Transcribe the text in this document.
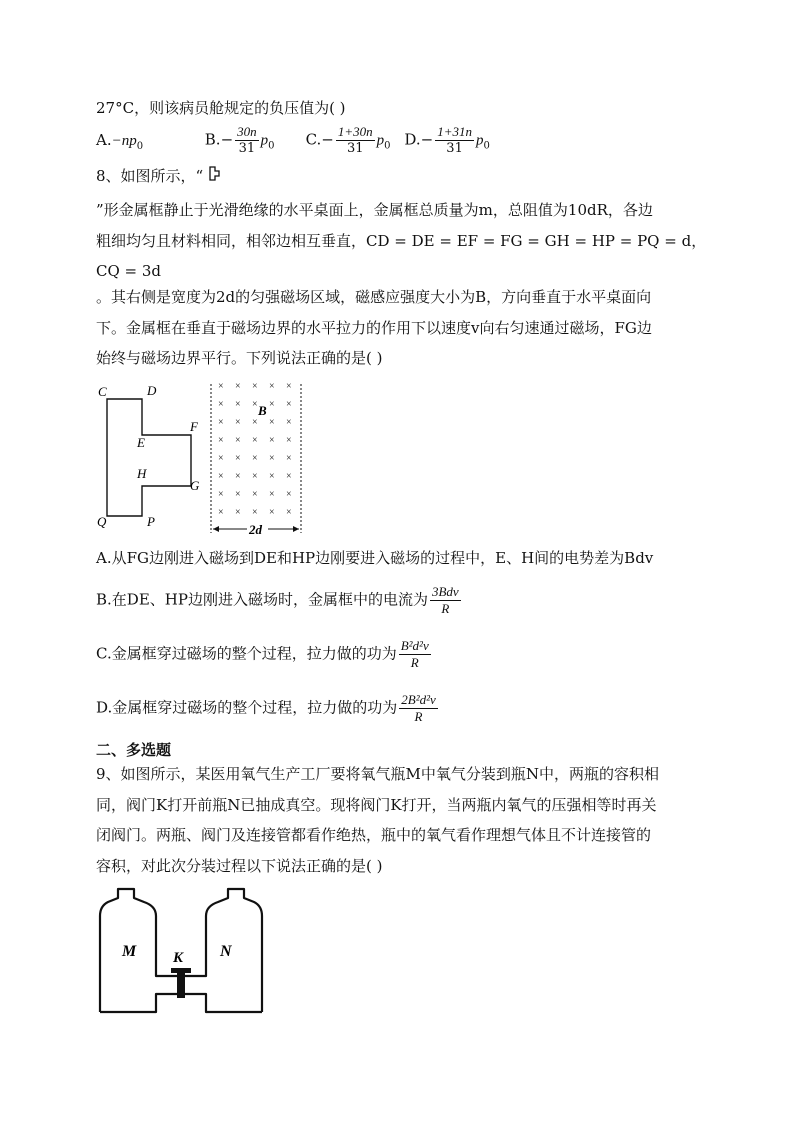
27°C，则该病员舱规定的负压值为( )
$A.-np_0$	$B.- \frac{30n}{31} p_0$ $C.- \frac{1+30n}{31} p_0$ $D.- \frac{1+31n}{31} p_0$
8、如图所示，“
”形金属框静止于光滑绝缘的水平桌面上，金属框总质量为m，总阻值为10dR，各边
粗细均匀且材料相同，相邻边相互垂直，CD = DE = EF = FG = GH = HP = PQ = d，
CQ = 3d
。其右侧是宽度为2d的匀强磁场区域，磁感应强度大小为B，方向垂直于水平桌面向
下。金属框在垂直于磁场边界的水平拉力的作用下以速度v向右匀速通过磁场，FG边
始终与磁场边界平行。下列说法正确的是( )
C	D
E
F
H
G
Q	P
× × × × ×
× × × × ×
× × × × ×
× × × × ×
× × × × ×
× × × × ×
× × × × ×
× × × × ×
B
2d
A.从FG边刚进入磁场到DE和HP边刚要进入磁场的过程中，E、H间的电势差为Bdv
B.在DE、HP边刚进入磁场时，金属框中的电流为 $\frac{\text{3Bdv}}{R}$
C.金属框穿过磁场的整个过程，拉力做的功为 $\frac{\text{B²d²v}}{R}$
D.金属框穿过磁场的整个过程，拉力做的功为 $\frac{\text{2B²d²v}}{R}$
二、多选题
9、如图所示，某医用氧气生产工厂要将氧气瓶M中氧气分装到瓶N中，两瓶的容积相
同，阀门K打开前瓶N已抽成真空。现将阀门K打开，当两瓶内氧气的压强相等时再关
闭阀门。两瓶、阀门及连接管都看作绝热，瓶中的氧气看作理想气体且不计连接管的
容积，对此次分装过程以下说法正确的是( )
M K N
